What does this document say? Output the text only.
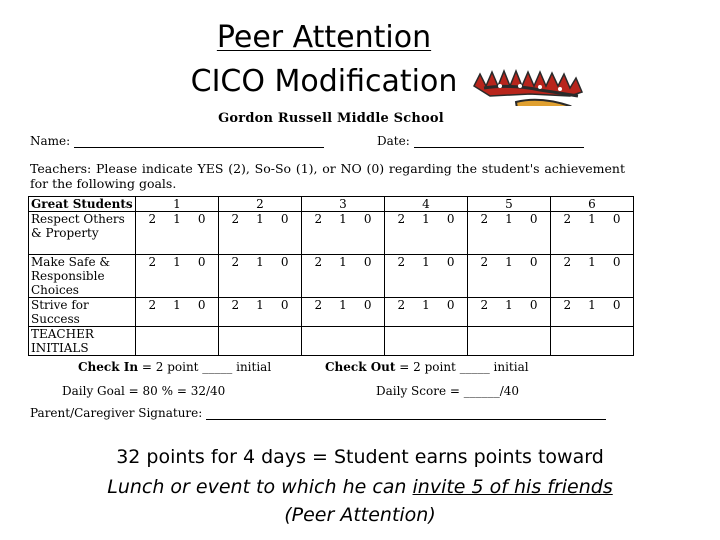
Peer Attention
CICO Modification
Gordon Russell Middle School
Name:	Date:
Teachers: Please indicate YES (2), So-So (1), or NO (0) regarding the student's achievement for the following goals.
Great Students	1	2	3	4	5	6
Respect Others & Property	2 1 0	2 1 0	2 1 0	2 1 0	2 1 0	2 1 0

Make Safe & Responsible Choices	2 1 0	2 1 0	2 1 0	2 1 0	2 1 0	2 1 0

Strive for Success	2 1 0	2 1 0	2 1 0	2 1 0	2 1 0	2 1 0

TEACHER INITIALS						
Check In = 2 point _____ initial	Check Out = 2 point _____ initial
Daily Goal = 80 % = 32/40	Daily Score = ______/40
Parent/Caregiver Signature:
32 points for 4 days = Student earns points toward
Lunch or event to which he can invite 5 of his friends
(Peer Attention)
